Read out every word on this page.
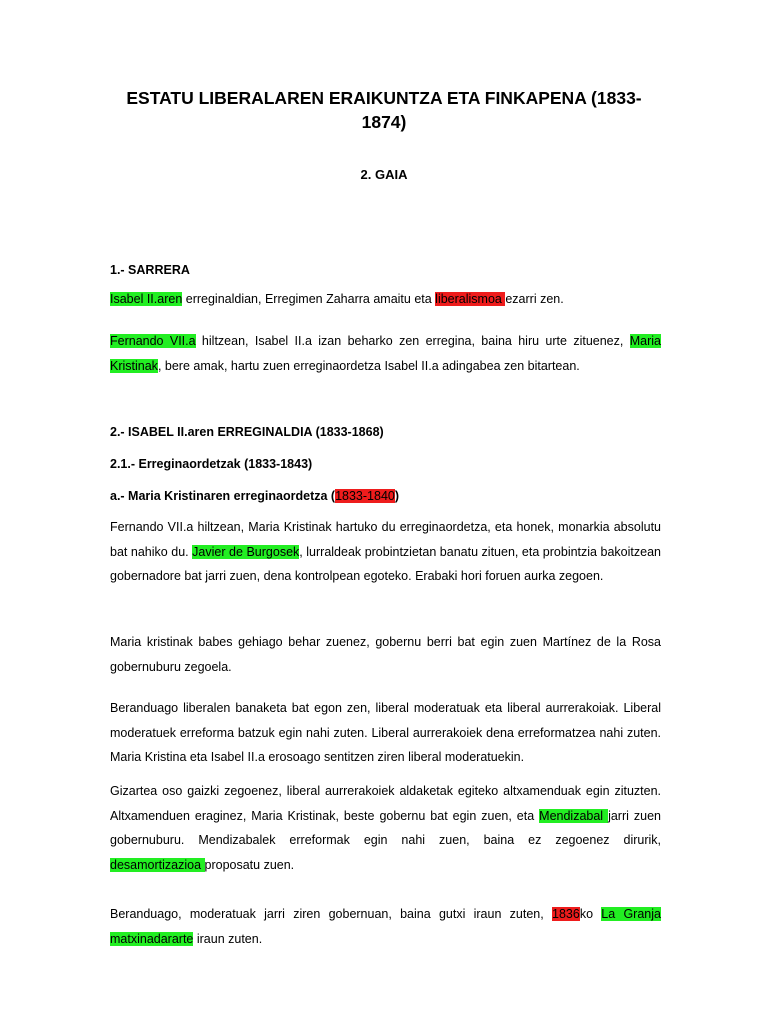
ESTATU LIBERALAREN ERAIKUNTZA ETA FINKAPENA (1833-1874)
2. GAIA
1.- SARRERA
Isabel II.aren erreginaldian, Erregimen Zaharra amaitu eta liberalismoa ezarri zen.
Fernando VII.a hiltzean, Isabel II.a izan beharko zen erregina, baina hiru urte zituenez, Maria Kristinak, bere amak, hartu zuen erreginaordetza Isabel II.a adingabea zen bitartean.
2.- ISABEL II.aren ERREGINALDIA (1833-1868)
2.1.- Erreginaordetzak (1833-1843)
a.- Maria Kristinaren erreginaordetza (1833-1840)
Fernando VII.a hiltzean, Maria Kristinak hartuko du erreginaordetza, eta honek, monarkia absolutu bat nahiko du. Javier de Burgosek, lurraldeak probintzietan banatu zituen, eta probintzia bakoitzean gobernadore bat jarri zuen, dena kontrolpean egoteko. Erabaki hori foruen aurka zegoen.
Maria kristinak babes gehiago behar zuenez, gobernu berri bat egin zuen Martínez de la Rosa gobernuburu zegoela.
Beranduago liberalen banaketa bat egon zen, liberal moderatuak eta liberal aurrerakoiak. Liberal moderatuek erreforma batzuk egin nahi zuten. Liberal aurrerakoiek dena erreformatzea nahi zuten. Maria Kristina eta Isabel II.a erosoago sentitzen ziren liberal moderatuekin.
Gizartea oso gaizki zegoenez, liberal aurrerakoiek aldaketak egiteko altxamenduak egin zituzten. Altxamenduen eraginez, Maria Kristinak, beste gobernu bat egin zuen, eta Mendizabal jarri zuen gobernuburu. Mendizabalek erreformak egin nahi zuen, baina ez zegoenez dirurik, desamortizazioa proposatu zuen.
Beranduago, moderatuak jarri ziren gobernuan, baina gutxi iraun zuten, 1836ko La Granja matxinadararte iraun zuten.
